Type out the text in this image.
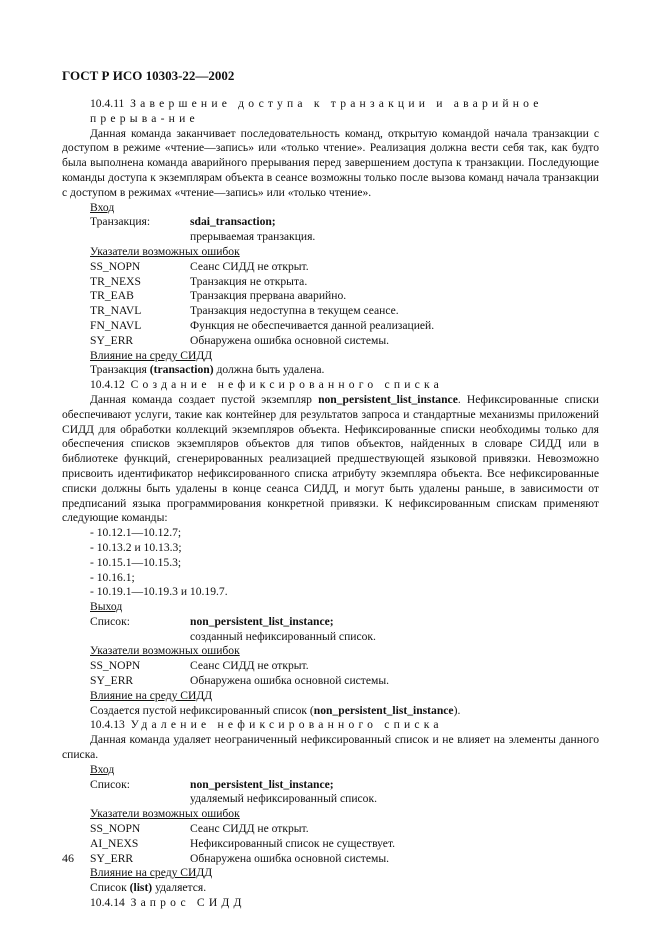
ГОСТ Р ИСО 10303-22—2002

10.4.11 Завершение доступа к транзакции и аварийное прерыва-ние

Данная команда заканчивает последовательность команд, открытую командой начала транзакции с доступом в режиме «чтение—запись» или «только чтение». Реализация должна вести себя так, как будто была выполнена команда аварийного прерывания перед завершением доступа к транзакции. Последующие команды доступа к экземплярам объекта в сеансе возможны только после вызова команд начала транзакции с доступом в режимах «чтение—запись» или «только чтение».

Вход

Транзакция:	sdai_transaction;

прерываемая транзакция.

Указатели возможных ошибок

SS_NOPN	Сеанс СИДД не открыт.
TR_NEXS	Транзакция не открыта.
TR_EAB	Транзакция прервана аварийно.
TR_NAVL	Транзакция недоступна в текущем сеансе.
FN_NAVL	Функция не обеспечивается данной реализацией.
SY_ERR	Обнаружена ошибка основной системы.

Влияние на среду СИДД

Транзакция (transaction) должна быть удалена.

10.4.12 Создание нефиксированного списка

Данная команда создает пустой экземпляр non_persistent_list_instance. Нефиксированные списки обеспечивают услуги, такие как контейнер для результатов запроса и стандартные механизмы приложений СИДД для обработки коллекций экземпляров объекта. Нефиксированные списки необходимы только для обеспечения списков экземпляров объектов для типов объектов, найденных в словаре СИДД или в библиотеке функций, сгенерированных реализацией предшествующей языковой привязки. Невозможно присвоить идентификатор нефиксированного списка атрибуту экземпляра объекта. Все нефиксированные списки должны быть удалены в конце сеанса СИДД, и могут быть удалены раньше, в зависимости от предписаний языка программирования конкретной привязки. К нефиксированным спискам применяют следующие команды:

- 10.12.1—10.12.7;

- 10.13.2 и 10.13.3;

- 10.15.1—10.15.3;

- 10.16.1;

- 10.19.1—10.19.3 и 10.19.7.

Выход

Список:	non_persistent_list_instance;

созданный нефиксированный список.

Указатели возможных ошибок

SS_NOPN	Сеанс СИДД не открыт.
SY_ERR	Обнаружена ошибка основной системы.

Влияние на среду СИДД

Создается пустой нефиксированный список (non_persistent_list_instance).

10.4.13 Удаление нефиксированного списка

Данная команда удаляет неограниченный нефиксированный список и не влияет на элементы данного списка.

Вход

Список:	non_persistent_list_instance;

удаляемый нефиксированный список.

Указатели возможных ошибок

SS_NOPN	Сеанс СИДД не открыт.
AI_NEXS	Нефиксированный список не существует.
SY_ERR	Обнаружена ошибка основной системы.

Влияние на среду СИДД

Список (list) удаляется.

10.4.14 Запрос СИДД

46
